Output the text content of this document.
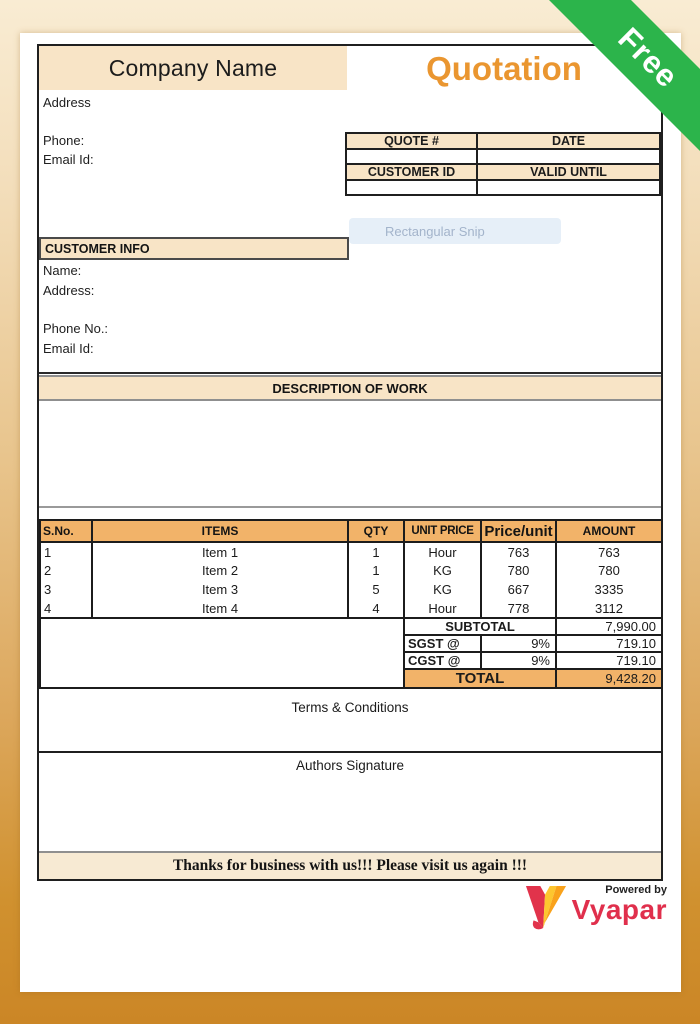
Company Name	Quotation
Address
Phone:
Email Id:
QUOTE #	DATE

CUSTOMER ID	VALID UNTIL

Rectangular Snip
CUSTOMER INFO
Name:
Address:
Phone No.:
Email Id:
DESCRIPTION OF WORK
S.No.	ITEMS	QTY	UNIT PRICE	Price/unit	AMOUNT
1	Item 1	1	Hour	763	763
2	Item 2	1	KG	780	780
3	Item 3	5	KG	667	3335
4	Item 4	4	Hour	778	3112
			SUBTOTAL		7,990.00
			SGST @	9%	719.10
			CGST @	9%	719.10
			TOTAL		9,428.20
Terms & Conditions
Authors Signature
Thanks for business with us!!! Please visit us again !!!
Powered by
Vyapar
Free
